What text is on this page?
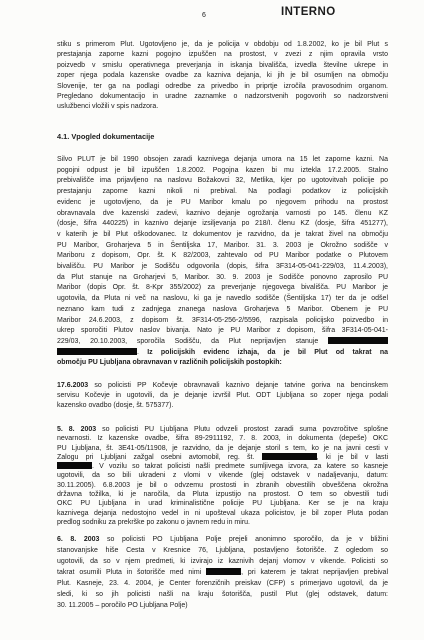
6	INTERNO
stiku s primerom Plut. Ugotovljeno je, da je policija v obdobju od 1.8.2002, ko je bil Plut s
prestajanja zaporne kazni pogojno izpuščen na prostost, v zvezi z njim opravila vrsto
poizvedb v smislu operativnega preverjanja in iskanja bivališča, izvedla številne ukrepe in
zoper njega podala kazenske ovadbe za kazniva dejanja, ki jih je bil osumljen na območju
Slovenije, ter ga na podlagi odredbe za privedbo in priprtje izročila pravosodnim organom.
Pregledano dokumentacijo in uradne zaznamke o nadzorstvenih pogovorih so nadzorstveni
uslužbenci vložili v spis nadzora.
4.1. Vpogled dokumentacije
Silvo PLUT je bil 1990 obsojen zaradi kaznivega dejanja umora na 15 let zaporne kazni. Na
pogojni odpust je bil izpuščen 1.8.2002. Pogojna kazen bi mu iztekla 17.2.2005. Stalno
prebivališče ima prijavljeno na naslovu Božakovci 32, Metlika, kjer po ugotovitvah policije po
prestajanju zaporne kazni nikoli ni prebival. Na podlagi podatkov iz policijskih
evidenc je ugotovljeno, da je PU Maribor kmalu po njegovem prihodu na prostost
obravnavala dve kazenski zadevi, kaznivo dejanje ogrožanja varnosti po 145. členu KZ
(dosje, šifra 440225) in kaznivo dejanje izsiljevanja po 218/I. členu KZ (dosje, šifra 451277),
v katerih je bil Plut oškodovanec. Iz dokumentov je razvidno, da je takrat živel na območju
PU Maribor, Groharjeva 5 in Šentiljska 17, Maribor. 31. 3. 2003 je Okrožno sodišče v
Mariboru z dopisom, Opr. št. K 82/2003, zahtevalo od PU Maribor podatke o Plutovem
bivališču. PU Maribor je Sodišču odgovorila (dopis, šifra 3F314-05-041-229/03, 11.4.2003),
da Plut stanuje na Groharjevi 5, Maribor. 30. 9. 2003 je Sodišče ponovno zaprosilo PU
Maribor (dopis Opr. št. 8-Kpr 355/2002) za preverjanje njegovega bivališča. PU Maribor je
ugotovila, da Pluta ni več na naslovu, ki ga je navedlo sodišče (Šentiljska 17) ter da je odšel
neznano kam tudi z zadnjega znanega naslova Groharjeva 5 Maribor. Obenem je PU
Maribor 24.6.2003, z dopisom št. 3F314-05-256-2/5596, razpisala policijsko poizvedbo in
ukrep sporočiti Plutov naslov bivanja. Nato je PU Maribor z dopisom, šifra 3F314-05-041-
229/03, 20.10.2003, sporočila Sodišču, da Plut neprijavljen stanuje
. Iz policijskih evidenc izhaja, da je bil Plut od takrat na
območju PU Ljubljana obravnavan v različnih policijskih postopkih:
17.6.2003 so policisti PP Kočevje obravnavali kaznivo dejanje tatvine goriva na bencinskem
servisu Kočevje in ugotovili, da je dejanje izvršil Plut. ODT Ljubljana so zoper njega podali
kazensko ovadbo (dosje, št. 575377).
5. 8. 2003 so policisti PU Ljubljana Plutu odvzeli prostost zaradi suma povzročitve splošne
nevarnosti. Iz kazenske ovadbe, šifra 89-2911192, 7. 8. 2003, in dokumenta (depeše) OKC
PU Ljubljana, št. 3E41-05/11908, je razvidno, da je dejanje storil s tem, ko je na javni cesti v
Zalogu pri Ljubljani zažgal osebni avtomobil, reg. št.	, ki je bil v lasti
. V vozilu so takrat policisti našli predmete sumljivega izvora, za katere so kasneje
ugotovili, da so bili ukradeni z vlomi v vikende (glej odstavek v nadaljevanju, datum:
30.11.2005). 6.8.2003 je bil o odvzemu prostosti in zbranih obvestilih obveščena okrožna
državna tožilka, ki je naročila, da Pluta izpustijo na prostost. O tem so obvestili tudi
OKC PU Ljubljana in urad kriminalistične policije PU Ljubljana. Ker se je na kraju
kaznivega dejanja nedostojno vedel in ni upošteval ukaza policistov, je bil zoper Pluta podan
predlog sodniku za prekrške po zakonu o javnem redu in miru.
6. 8. 2003 so policisti PO Ljubljana Polje prejeli anonimno sporočilo, da je v bližini
stanovanjske hiše Cesta v Kresnice 76, Ljubljana, postavljeno šotorišče. Z ogledom so
ugotovili, da so v njem predmeti, ki izvirajo iz kaznivih dejanj vlomov v vikende. Policisti so
takrat osumili Pluta in šotorišče med nimi	, pri katerem je takrat neprijavljen prebival
Plut. Kasneje, 23. 4. 2004, je Center forenzičnih preiskav (CFP) s primerjavo ugotovil, da je
sledi, ki so jih policisti našli na kraju šotorišča, pustil Plut (glej odstavek, datum:
30. 11.2005 – poročilo PO Ljubljana Polje)
